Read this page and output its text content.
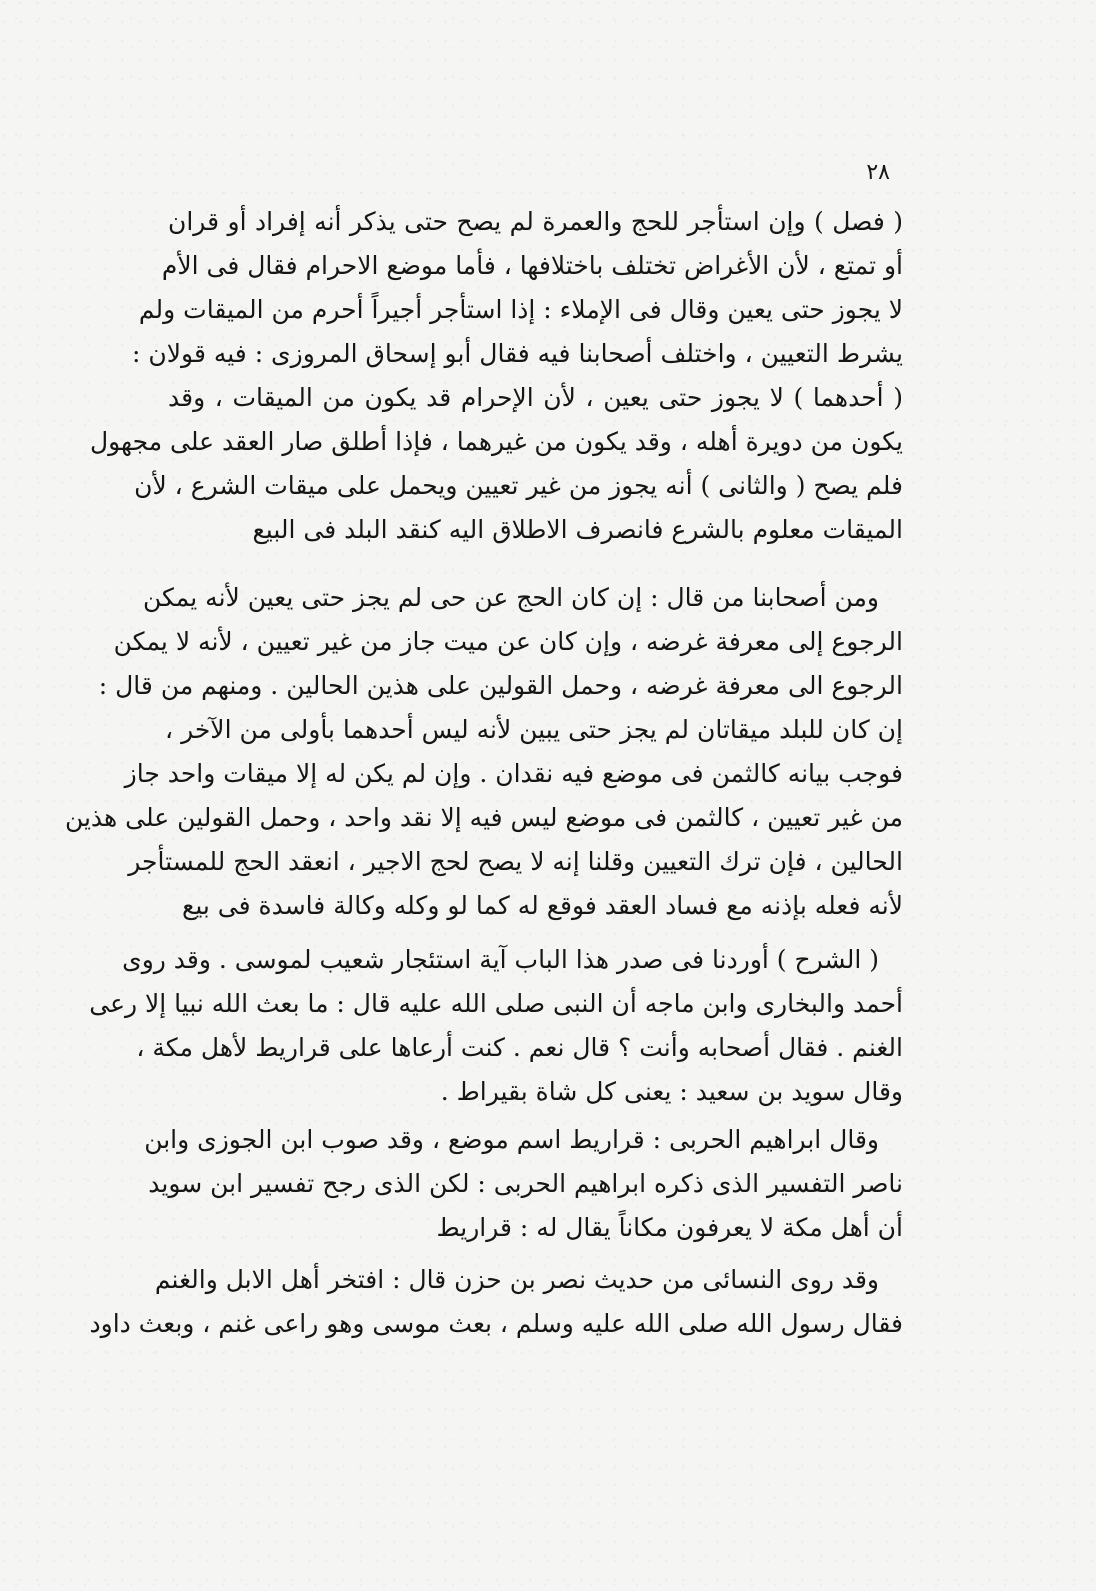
٢٨

( فصل ) وإن استأجر للحج والعمرة لم يصح حتى يذكر أنه إفراد أو قران

أو تمتع ، لأن الأغراض تختلف باختلافها ، فأما موضع الاحرام فقال فى الأم

لا يجوز حتى يعين وقال فى الإملاء : إذا استأجر أجيراً أحرم من الميقات ولم

يشرط التعيين ، واختلف أصحابنا فيه فقال أبو إسحاق المروزى : فيه قولان :

( أحدهما ) لا يجوز حتى يعين ، لأن الإحرام قد يكون من الميقات ، وقد

يكون من دويرة أهله ، وقد يكون من غيرهما ، فإذا أطلق صار العقد على مجهول

فلم يصح ( والثانى ) أنه يجوز من غير تعيين ويحمل على ميقات الشرع ، لأن

الميقات معلوم بالشرع فانصرف الاطلاق اليه كنقد البلد فى البيع

ومن أصحابنا من قال : إن كان الحج عن حى لم يجز حتى يعين لأنه يمكن

الرجوع إلى معرفة غرضه ، وإن كان عن ميت جاز من غير تعيين ، لأنه لا يمكن

الرجوع الى معرفة غرضه ، وحمل القولين على هذين الحالين . ومنهم من قال :

إن كان للبلد ميقاتان لم يجز حتى يبين لأنه ليس أحدهما بأولى من الآخر ،

فوجب بيانه كالثمن فى موضع فيه نقدان . وإن لم يكن له إلا ميقات واحد جاز

من غير تعيين ، كالثمن فى موضع ليس فيه إلا نقد واحد ، وحمل القولين على هذين

الحالين ، فإن ترك التعيين وقلنا إنه لا يصح لحج الاجير ، انعقد الحج للمستأجر

لأنه فعله بإذنه مع فساد العقد فوقع له كما لو وكله وكالة فاسدة فى بيع

( الشرح ) أوردنا فى صدر هذا الباب آية استئجار شعيب لموسى . وقد روى

أحمد والبخارى وابن ماجه أن النبى صلى الله عليه قال : ما بعث الله نبيا إلا رعى

الغنم . فقال أصحابه وأنت ؟ قال نعم . كنت أرعاها على قراريط لأهل مكة ،

وقال سويد بن سعيد : يعنى كل شاة بقيراط .

وقال ابراهيم الحربى : قراريط اسم موضع ، وقد صوب ابن الجوزى وابن

ناصر التفسير الذى ذكره ابراهيم الحربى : لكن الذى رجح تفسير ابن سويد

أن أهل مكة لا يعرفون مكاناً يقال له : قراريط

وقد روى النسائى من حديث نصر بن حزن قال : افتخر أهل الابل والغنم

فقال رسول الله صلى الله عليه وسلم ، بعث موسى وهو راعى غنم ، وبعث داود
